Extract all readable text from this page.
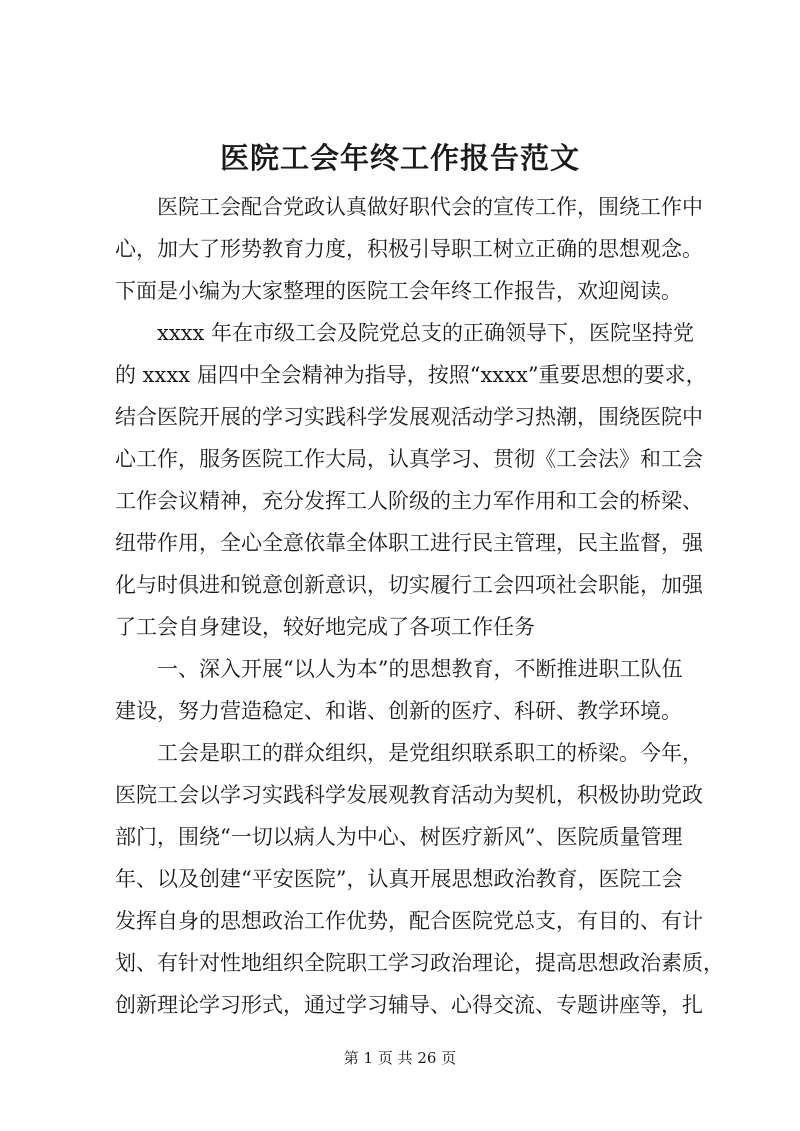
医院工会年终工作报告范文
医院工会配合党政认真做好职代会的宣传工作，围绕工作中
心，加大了形势教育力度，积极引导职工树立正确的思想观念。
下面是小编为大家整理的医院工会年终工作报告，欢迎阅读。
xxxx 年在市级工会及院党总支的正确领导下，医院坚持党
的 xxxx 届四中全会精神为指导，按照“xxxx”重要思想的要求，
结合医院开展的学习实践科学发展观活动学习热潮，围绕医院中
心工作，服务医院工作大局，认真学习、贯彻《工会法》和工会
工作会议精神，充分发挥工人阶级的主力军作用和工会的桥梁、
纽带作用，全心全意依靠全体职工进行民主管理，民主监督，强
化与时俱进和锐意创新意识，切实履行工会四项社会职能，加强
了工会自身建设，较好地完成了各项工作任务
一、深入开展“以人为本”的思想教育，不断推进职工队伍
建设，努力营造稳定、和谐、创新的医疗、科研、教学环境。
工会是职工的群众组织，是党组织联系职工的桥梁。今年，
医院工会以学习实践科学发展观教育活动为契机，积极协助党政
部门，围绕“一切以病人为中心、树医疗新风”、医院质量管理
年、以及创建“平安医院”，认真开展思想政治教育，医院工会
发挥自身的思想政治工作优势，配合医院党总支，有目的、有计
划、有针对性地组织全院职工学习政治理论，提高思想政治素质，
创新理论学习形式，通过学习辅导、心得交流、专题讲座等，扎
第 1 页 共 26 页
